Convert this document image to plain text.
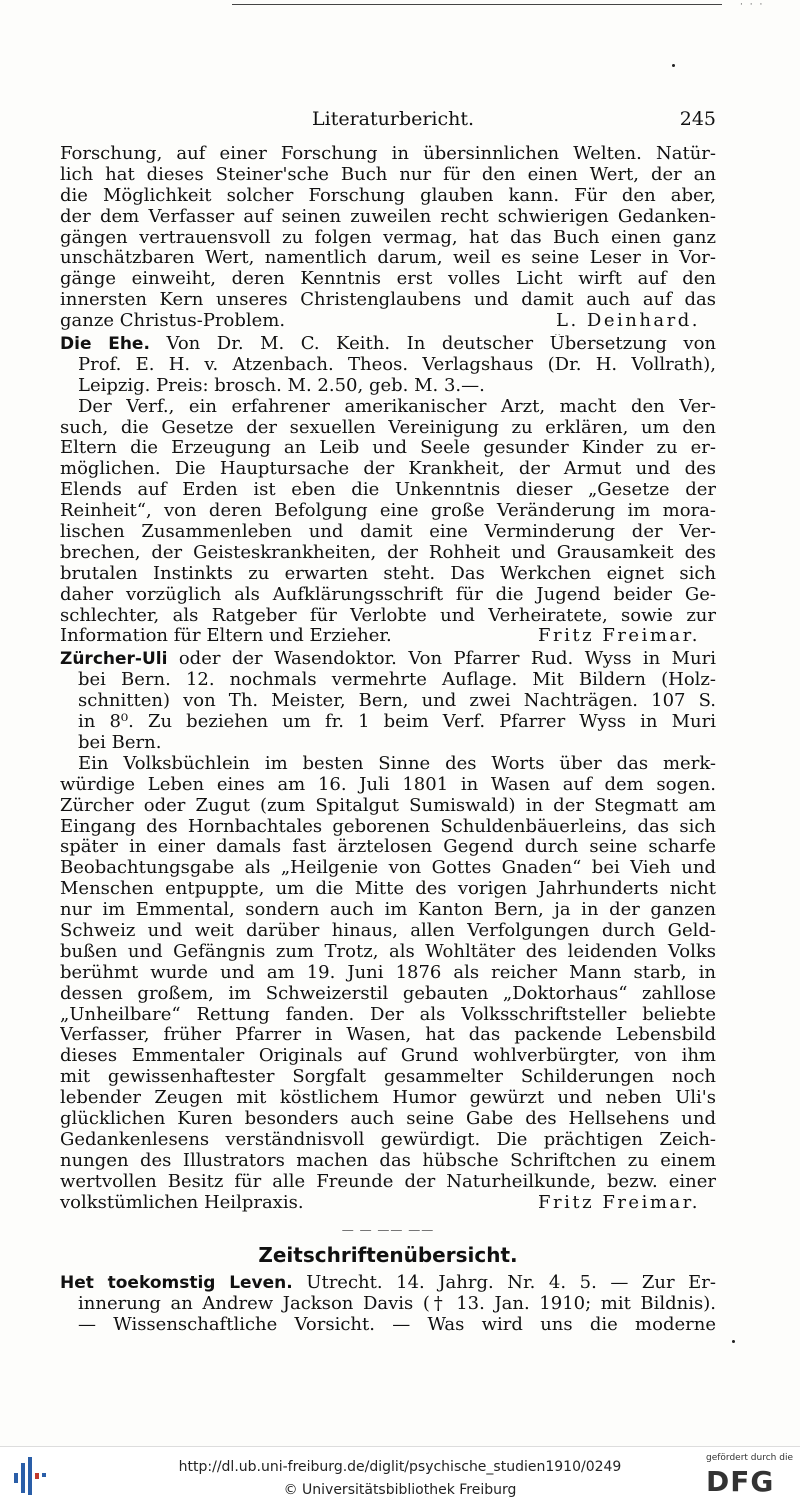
· · ·
Literaturbericht.	245
Forschung, auf einer Forschung in übersinnlichen Welten. Natür-
lich hat dieses Steiner'sche Buch nur für den einen Wert, der an
die Möglichkeit solcher Forschung glauben kann. Für den aber,
der dem Verfasser auf seinen zuweilen recht schwierigen Gedanken-
gängen vertrauensvoll zu folgen vermag, hat das Buch einen ganz
unschätzbaren Wert, namentlich darum, weil es seine Leser in Vor-
gänge einweiht, deren Kenntnis erst volles Licht wirft auf den
innersten Kern unseres Christenglaubens und damit auch auf das
ganze Christus-Problem.	L. Deinhard.
Die Ehe. Von Dr. M. C. Keith. In deutscher Übersetzung von
Prof. E. H. v. Atzenbach. Theos. Verlagshaus (Dr. H. Vollrath),
Leipzig. Preis: brosch. M. 2.50, geb. M. 3.—.
Der Verf., ein erfahrener amerikanischer Arzt, macht den Ver-
such, die Gesetze der sexuellen Vereinigung zu erklären, um den
Eltern die Erzeugung an Leib und Seele gesunder Kinder zu er-
möglichen. Die Hauptursache der Krankheit, der Armut und des
Elends auf Erden ist eben die Unkenntnis dieser „Gesetze der
Reinheit“, von deren Befolgung eine große Veränderung im mora-
lischen Zusammenleben und damit eine Verminderung der Ver-
brechen, der Geisteskrankheiten, der Rohheit und Grausamkeit des
brutalen Instinkts zu erwarten steht. Das Werkchen eignet sich
daher vorzüglich als Aufklärungsschrift für die Jugend beider Ge-
schlechter, als Ratgeber für Verlobte und Verheiratete, sowie zur
Information für Eltern und Erzieher.	Fritz Freimar.
Zürcher-Uli oder der Wasendoktor. Von Pfarrer Rud. Wyss in Muri
bei Bern. 12. nochmals vermehrte Auflage. Mit Bildern (Holz-
schnitten) von Th. Meister, Bern, und zwei Nachträgen. 107 S.
in 8⁰. Zu beziehen um fr. 1 beim Verf. Pfarrer Wyss in Muri
bei Bern.
Ein Volksbüchlein im besten Sinne des Worts über das merk-
würdige Leben eines am 16. Juli 1801 in Wasen auf dem sogen.
Zürcher oder Zugut (zum Spitalgut Sumiswald) in der Stegmatt am
Eingang des Hornbachtales geborenen Schuldenbäuerleins, das sich
später in einer damals fast ärztelosen Gegend durch seine scharfe
Beobachtungsgabe als „Heilgenie von Gottes Gnaden“ bei Vieh und
Menschen entpuppte, um die Mitte des vorigen Jahrhunderts nicht
nur im Emmental, sondern auch im Kanton Bern, ja in der ganzen
Schweiz und weit darüber hinaus, allen Verfolgungen durch Geld-
bußen und Gefängnis zum Trotz, als Wohltäter des leidenden Volks
berühmt wurde und am 19. Juni 1876 als reicher Mann starb, in
dessen großem, im Schweizerstil gebauten „Doktorhaus“ zahllose
„Unheilbare“ Rettung fanden. Der als Volksschriftsteller beliebte
Verfasser, früher Pfarrer in Wasen, hat das packende Lebensbild
dieses Emmentaler Originals auf Grund wohlverbürgter, von ihm
mit gewissenhaftester Sorgfalt gesammelter Schilderungen noch
lebender Zeugen mit köstlichem Humor gewürzt und neben Uli's
glücklichen Kuren besonders auch seine Gabe des Hellsehens und
Gedankenlesens verständnisvoll gewürdigt. Die prächtigen Zeich-
nungen des Illustrators machen das hübsche Schriftchen zu einem
wertvollen Besitz für alle Freunde der Naturheilkunde, bezw. einer
volkstümlichen Heilpraxis.	Fritz Freimar.
— — —— ——
Zeitschriftenübersicht.
Het toekomstig Leven. Utrecht. 14. Jahrg. Nr. 4. 5. — Zur Er-
innerung an Andrew Jackson Davis († 13. Jan. 1910; mit Bildnis).
— Wissenschaftliche Vorsicht. — Was wird uns die moderne
http://dl.ub.uni-freiburg.de/diglit/psychische_studien1910/0249
© Universitätsbibliothek Freiburg
gefördert durch die
DFG
